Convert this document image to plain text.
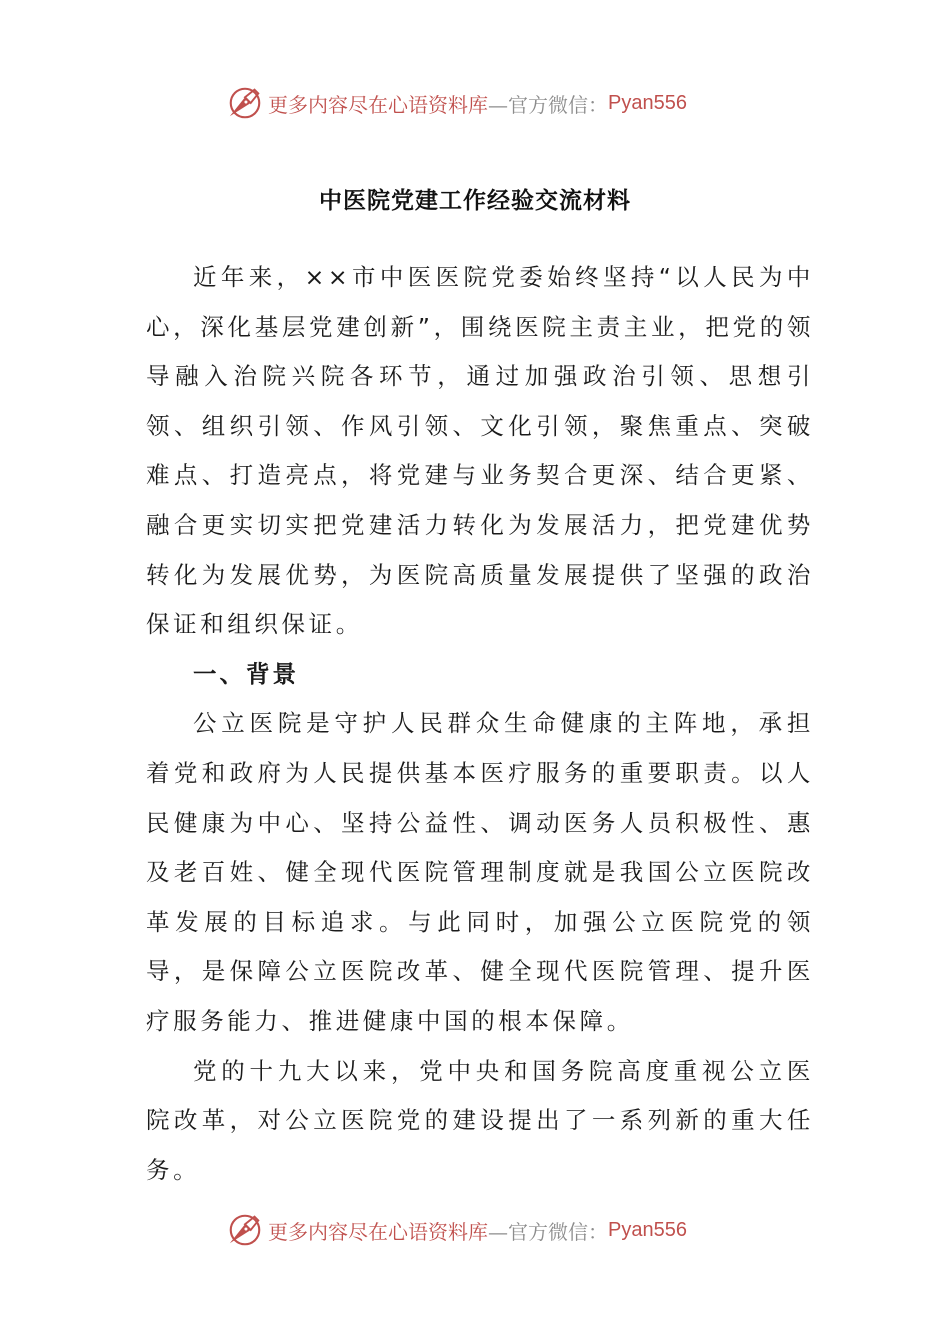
更多内容尽在心语资料库 —官方微信： Pyan556
中医院党建工作经验交流材料

近年来，××市中医医院党委始终坚持“以人民为中心，深化基层党建创新”，围绕医院主责主业，把党的领导融入治院兴院各环节，通过加强政治引领、思想引领、组织引领、作风引领、文化引领，聚焦重点、突破难点、打造亮点，将党建与业务契合更深、结合更紧、融合更实切实把党建活力转化为发展活力，把党建优势转化为发展优势，为医院高质量发展提供了坚强的政治保证和组织保证。

一、背景

公立医院是守护人民群众生命健康的主阵地，承担着党和政府为人民提供基本医疗服务的重要职责。以人民健康为中心、坚持公益性、调动医务人员积极性、惠及老百姓、健全现代医院管理制度就是我国公立医院改革发展的目标追求。与此同时，加强公立医院党的领导，是保障公立医院改革、健全现代医院管理、提升医疗服务能力、推进健康中国的根本保障。

党的十九大以来，党中央和国务院高度重视公立医院改革，对公立医院党的建设提出了一系列新的重大任务。

更多内容尽在心语资料库 —官方微信： Pyan556
